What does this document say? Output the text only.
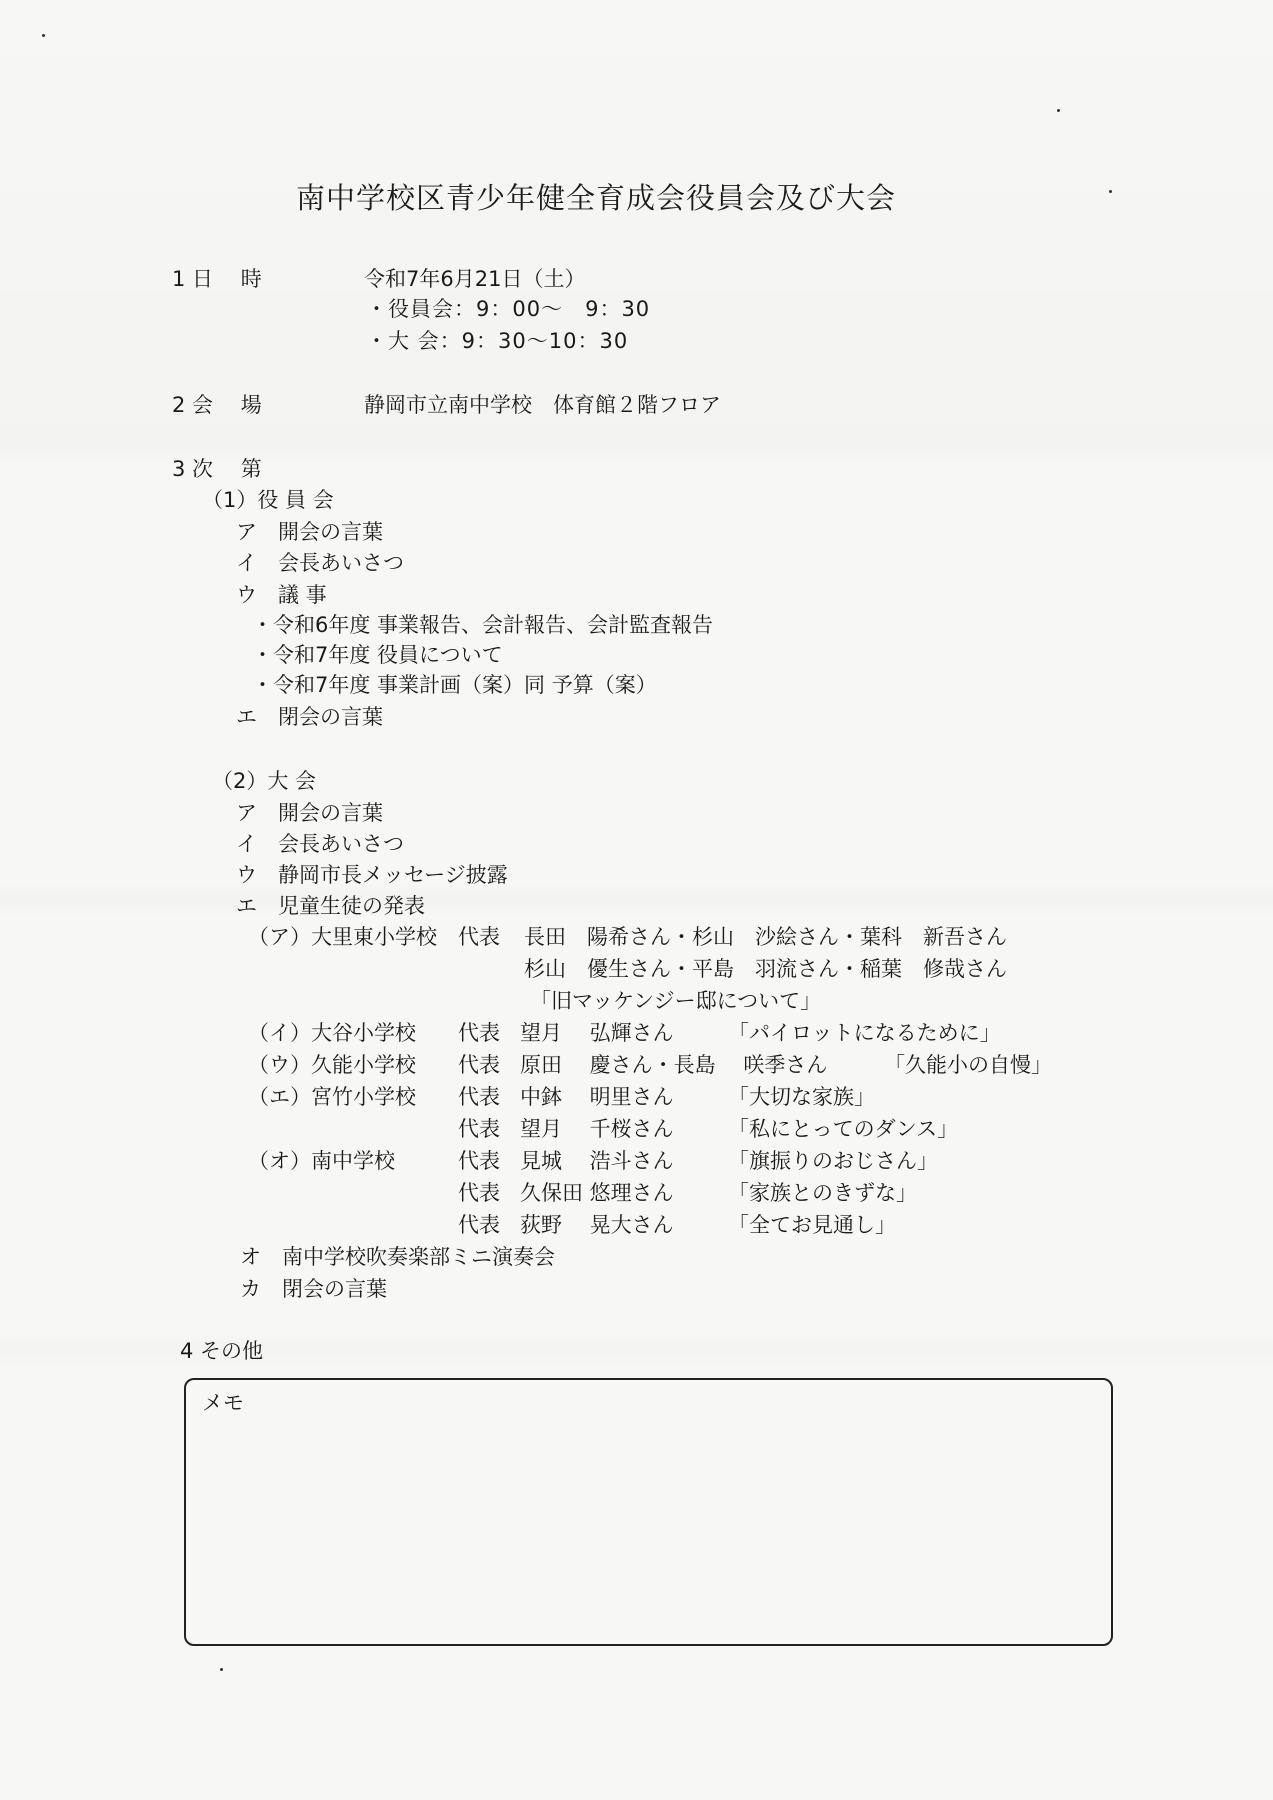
南中学校区青少年健全育成会役員会及び大会
1 日　 時	令和7年6月21日（土）
・役員会：9：00～　9：30
・大 会：9：30～10：30
2 会　 場	静岡市立南中学校　体育館２階フロア
3 次　 第
（1）役 員 会
ア　開会の言葉
イ　会長あいさつ
ウ　議 事
・令和6年度 事業報告、会計報告、会計監査報告
・令和7年度 役員について
・令和7年度 事業計画（案）同 予算（案）
エ　閉会の言葉
（2）大 会
ア　開会の言葉
イ　会長あいさつ
ウ　静岡市長メッセージ披露
エ　児童生徒の発表
（ア）大里東小学校 代表 長田　陽希さん・杉山　沙絵さん・葉科　新吾さん
杉山　優生さん・平島　羽流さん・稲葉　修哉さん
「旧マッケンジー邸について」
（イ）大谷小学校 代表 望月　 弘輝さん	「パイロットになるために」
（ウ）久能小学校 代表 原田　 慶さん・長島　 咲季さん	「久能小の自慢」
（エ）宮竹小学校 代表 中鉢　 明里さん	「大切な家族」
代表 望月　 千桜さん	「私にとってのダンス」
（オ）南中学校	代表 見城　 浩斗さん	「旗振りのおじさん」
代表 久保田 悠理さん	「家族とのきずな」
代表 荻野　 晃大さん	「全てお見通し」
オ　南中学校吹奏楽部ミニ演奏会
カ　閉会の言葉
4 その他
メモ
